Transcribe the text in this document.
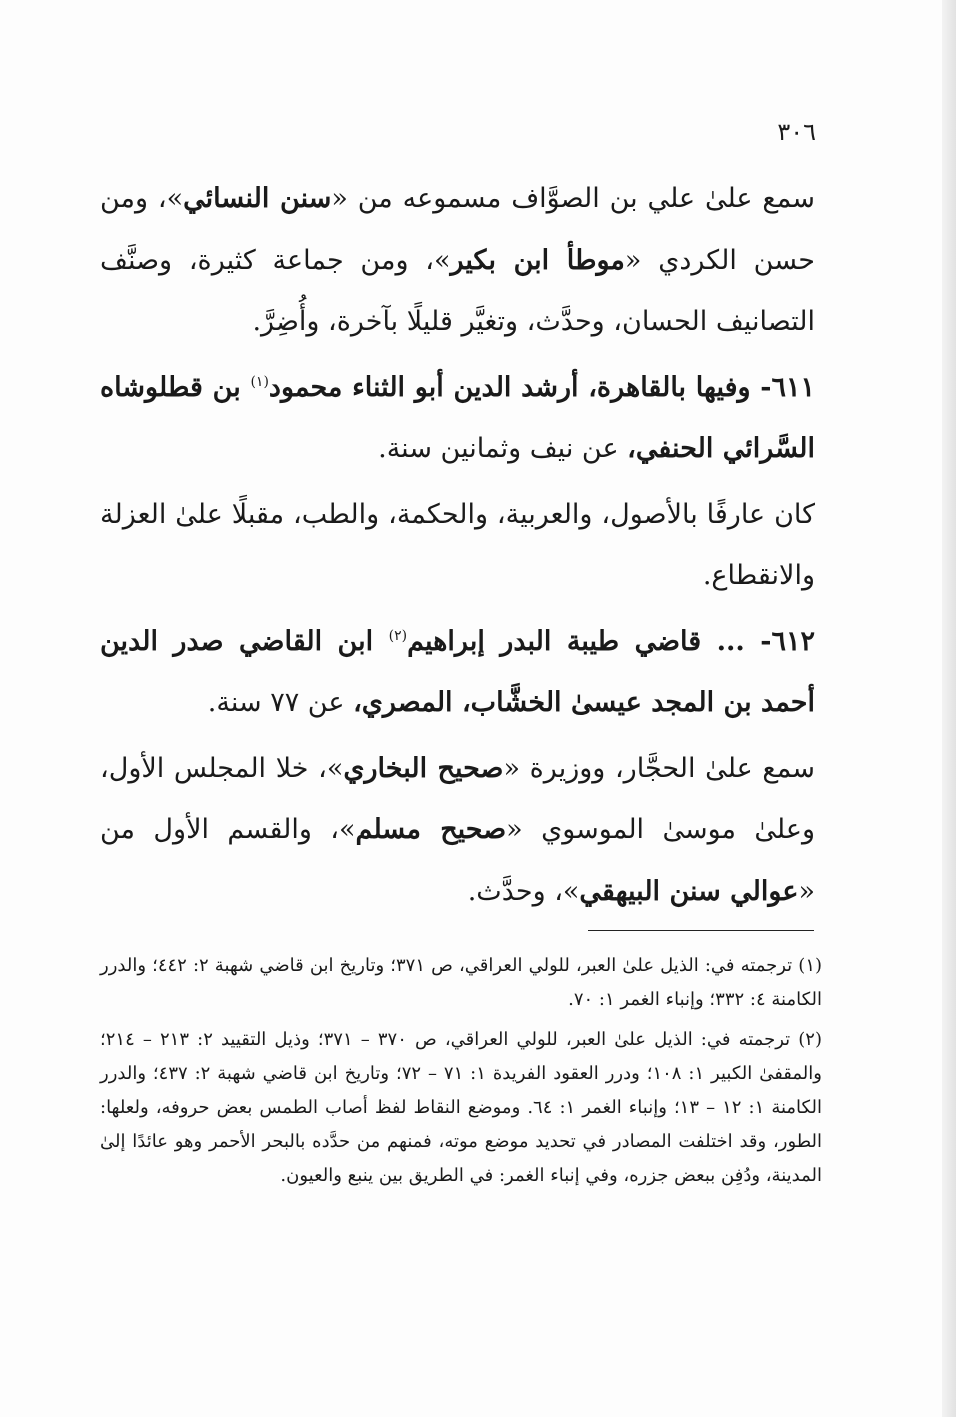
٣٠٦

سمع علىٰ علي بن الصوَّاف مسموعه من «سنن النسائي»، ومن حسن الكردي «موطأ ابن بكير»، ومن جماعة كثيرة، وصنَّف التصانيف الحسان، وحدَّث، وتغيَّر قليلًا بآخرة، وأُضِرَّ.

٦١١- وفيها بالقاهرة، أرشد الدين أبو الثناء محمود$^{(١)}$ بن قطلوشاه السَّرائي الحنفي، عن نيف وثمانين سنة.

كان عارفًا بالأصول، والعربية، والحكمة، والطب، مقبلًا علىٰ العزلة والانقطاع.

٦١٢- ... قاضي طيبة البدر إبراهيم$^{(٢)}$ ابن القاضي صدر الدين أحمد بن المجد عيسىٰ الخشَّاب، المصري، عن ٧٧ سنة.

سمع علىٰ الحجَّار، ووزيرة «صحيح البخاري»، خلا المجلس الأول، وعلىٰ موسىٰ الموسوي «صحيح مسلم»، والقسم الأول من «عوالي سنن البيهقي»، وحدَّث.

(١) ترجمته في: الذيل علىٰ العبر، للولي العراقي، ص ٣٧١؛ وتاريخ ابن قاضي شهبة ٢: ٤٤٢؛ والدرر الكامنة ٤: ٣٣٢؛ وإنباء الغمر ١: ٧٠.

(٢) ترجمته في: الذيل علىٰ العبر، للولي العراقي، ص ٣٧٠ – ٣٧١؛ وذيل التقييد ٢: ٢١٣ – ٢١٤؛ والمقفىٰ الكبير ١: ١٠٨؛ ودرر العقود الفريدة ١: ٧١ – ٧٢؛ وتاريخ ابن قاضي شهبة ٢: ٤٣٧؛ والدرر الكامنة ١: ١٢ – ١٣؛ وإنباء الغمر ١: ٦٤. وموضع النقاط لفظ أصاب الطمس بعض حروفه، ولعلها: الطور، وقد اختلفت المصادر في تحديد موضع موته، فمنهم من حدَّده بالبحر الأحمر وهو عائدًا إلىٰ المدينة، ودُفِن ببعض جزره، وفي إنباء الغمر: في الطريق بين ينبع والعيون.
